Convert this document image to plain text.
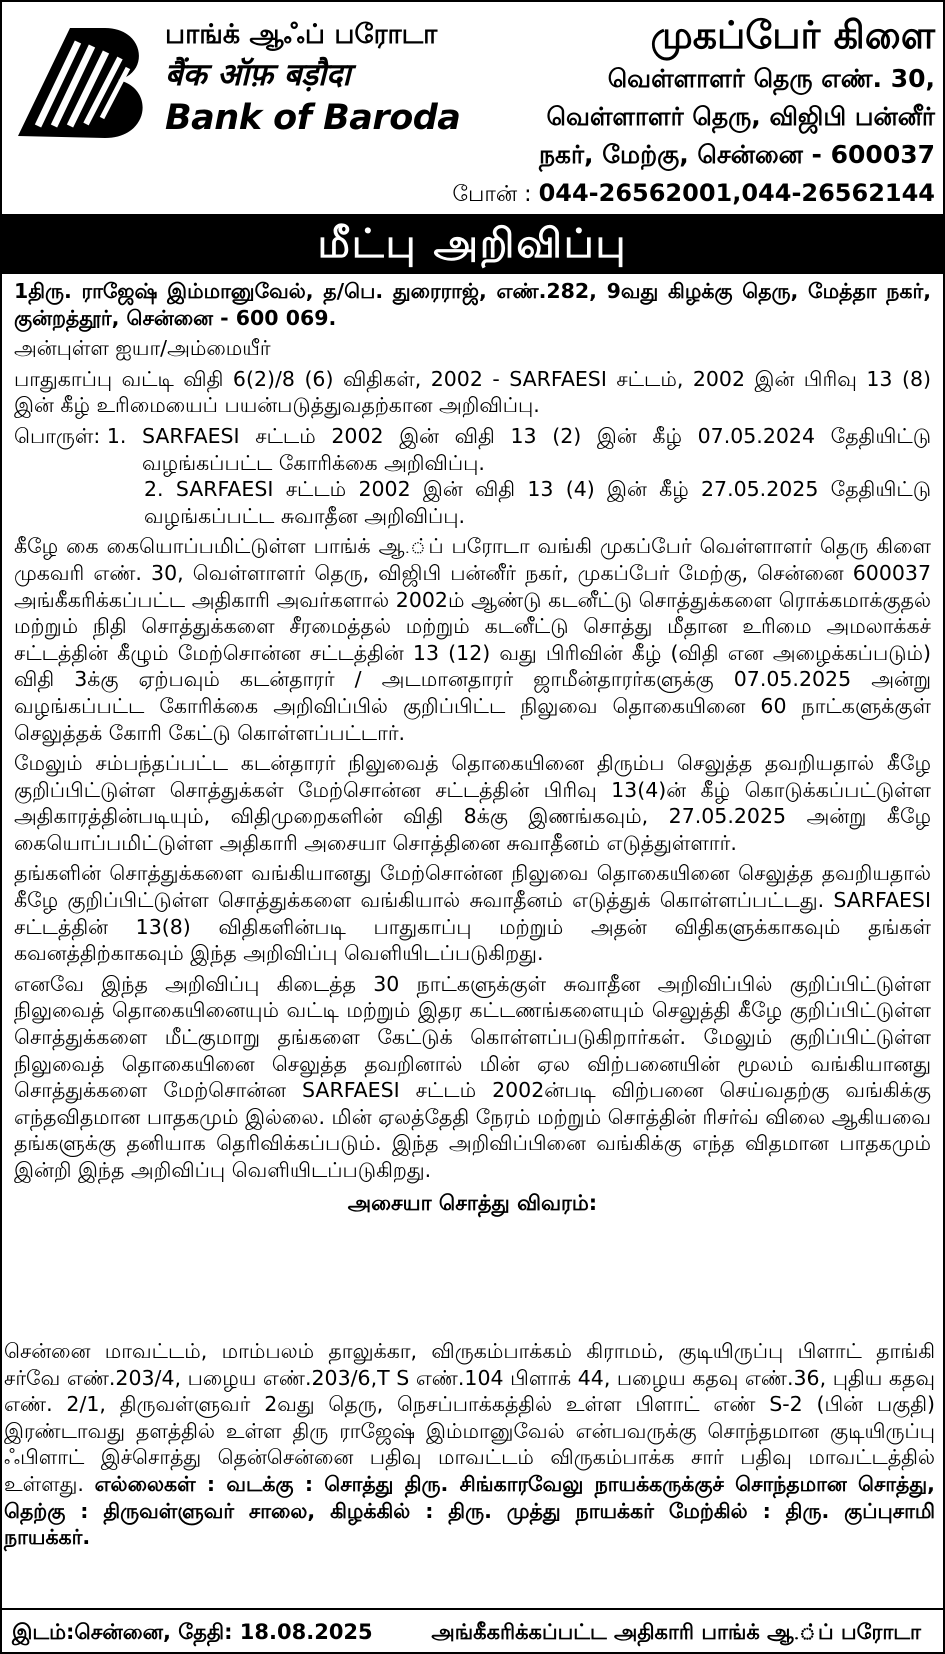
பாங்க் ஆஃப் பரோடா
बैंक ऑफ़ बड़ौदा
Bank of Baroda
முகப்பேர் கிளை
வெள்ளாளர் தெரு எண். 30,
வெள்ளாளர் தெரு, விஜிபி பன்னீர்
நகர், மேற்கு, சென்னை - 600037
போன் : 044-26562001,044-26562144
மீட்பு அறிவிப்பு

1திரு. ராஜேஷ் இம்மானுவேல், த/பெ. துரைராஜ், எண்.282, 9வது கிழக்கு தெரு, மேத்தா நகர், குன்றத்தூர், சென்னை - 600 069.

அன்புள்ள ஐயா/அம்மையீர்

பாதுகாப்பு வட்டி விதி 6(2)/8 (6) விதிகள், 2002 - SARFAESI சட்டம், 2002 இன் பிரிவு 13 (8) இன் கீழ் உரிமையைப் பயன்படுத்துவதற்கான அறிவிப்பு.

பொருள்: 1. SARFAESI சட்டம் 2002 இன் விதி 13 (2) இன் கீழ் 07.05.2024 தேதியிட்டு வழங்கப்பட்ட கோரிக்கை அறிவிப்பு.

2. SARFAESI சட்டம் 2002 இன் விதி 13 (4) இன் கீழ் 27.05.2025 தேதியிட்டு வழங்கப்பட்ட சுவாதீன அறிவிப்பு.

கீழே கை கையொப்பமிட்டுள்ள பாங்க் ஆ.்ப் பரோடா வங்கி முகப்பேர் வெள்ளாளர் தெரு கிளை முகவரி எண். 30, வெள்ளாளர் தெரு, விஜிபி பன்னீர் நகர், முகப்பேர் மேற்கு, சென்னை 600037 அங்கீகரிக்கப்பட்ட அதிகாரி அவர்களால் 2002ம் ஆண்டு கடனீட்டு சொத்துக்களை ரொக்கமாக்குதல் மற்றும் நிதி சொத்துக்களை சீரமைத்தல் மற்றும் கடனீட்டு சொத்து மீதான உரிமை அமலாக்கச் சட்டத்தின் கீழும் மேற்சொன்ன சட்டத்தின் 13 (12) வது பிரிவின் கீழ் (விதி என அழைக்கப்படும்) விதி 3க்கு ஏற்பவும் கடன்தாரர் / அடமானதாரர் ஜாமீன்தாரர்களுக்கு 07.05.2025 அன்று வழங்கப்பட்ட கோரிக்கை அறிவிப்பில் குறிப்பிட்ட நிலுவை தொகையினை 60 நாட்களுக்குள் செலுத்தக் கோரி கேட்டு கொள்ளப்பட்டார்.

மேலும் சம்பந்தப்பட்ட கடன்தாரர் நிலுவைத் தொகையினை திரும்ப செலுத்த தவறியதால் கீழே குறிப்பிட்டுள்ள சொத்துக்கள் மேற்சொன்ன சட்டத்தின் பிரிவு 13(4)ன் கீழ் கொடுக்கப்பட்டுள்ள அதிகாரத்தின்படியும், விதிமுறைகளின் விதி 8க்கு இணங்கவும், 27.05.2025 அன்று கீழே கையொப்பமிட்டுள்ள அதிகாரி அசையா சொத்தினை சுவாதீனம் எடுத்துள்ளார்.

தங்களின் சொத்துக்களை வங்கியானது மேற்சொன்ன நிலுவை தொகையினை செலுத்த தவறியதால் கீழே குறிப்பிட்டுள்ள சொத்துக்களை வங்கியால் சுவாதீனம் எடுத்துக் கொள்ளப்பட்டது. SARFAESI சட்டத்தின் 13(8) விதிகளின்படி பாதுகாப்பு மற்றும் அதன் விதிகளுக்காகவும் தங்கள் கவனத்திற்காகவும் இந்த அறிவிப்பு வெளியிடப்படுகிறது.

எனவே இந்த அறிவிப்பு கிடைத்த 30 நாட்களுக்குள் சுவாதீன அறிவிப்பில் குறிப்பிட்டுள்ள நிலுவைத் தொகையினையும் வட்டி மற்றும் இதர கட்டணங்களையும் செலுத்தி கீழே குறிப்பிட்டுள்ள சொத்துக்களை மீட்குமாறு தங்களை கேட்டுக் கொள்ளப்படுகிறார்கள். மேலும் குறிப்பிட்டுள்ள நிலுவைத் தொகையினை செலுத்த தவறினால் மின் ஏல விற்பனையின் மூலம் வங்கியானது சொத்துக்களை மேற்சொன்ன SARFAESI சட்டம் 2002ன்படி விற்பனை செய்வதற்கு வங்கிக்கு எந்தவிதமான பாதகமும் இல்லை. மின் ஏலத்தேதி நேரம் மற்றும் சொத்தின் ரிசர்வ் விலை ஆகியவை தங்களுக்கு தனியாக தெரிவிக்கப்படும். இந்த அறிவிப்பினை வங்கிக்கு எந்த விதமான பாதகமும் இன்றி இந்த அறிவிப்பு வெளியிடப்படுகிறது.

அசையா சொத்து விவரம்:
சென்னை மாவட்டம், மாம்பலம் தாலுக்கா, விருகம்பாக்கம் கிராமம், குடியிருப்பு பிளாட் தாங்கி சர்வே எண்.203/4, பழைய எண்.203/6,T S எண்.104 பிளாக் 44, பழைய கதவு எண்.36, புதிய கதவு எண். 2/1, திருவள்ளுவர் 2வது தெரு, நெசப்பாக்கத்தில் உள்ள பிளாட் எண் S-2 (பின் பகுதி) இரண்டாவது தளத்தில் உள்ள திரு ராஜேஷ் இம்மானுவேல் என்பவருக்கு சொந்தமான குடியிருப்பு ஃபிளாட் இச்சொத்து தென்சென்னை பதிவு மாவட்டம் விருகம்பாக்க சார் பதிவு மாவட்டத்தில் உள்ளது. எல்லைகள் : வடக்கு : சொத்து திரு. சிங்காரவேலு நாயக்கருக்குச் சொந்தமான சொத்து, தெற்கு : திருவள்ளுவர் சாலை, கிழக்கில் : திரு. முத்து நாயக்கர் மேற்கில் : திரு. குப்புசாமி நாயக்கர்.
இடம்:சென்னை, தேதி: 18.08.2025	அங்கீகரிக்கப்பட்ட அதிகாரி பாங்க் ஆ.்ப் பரோடா
